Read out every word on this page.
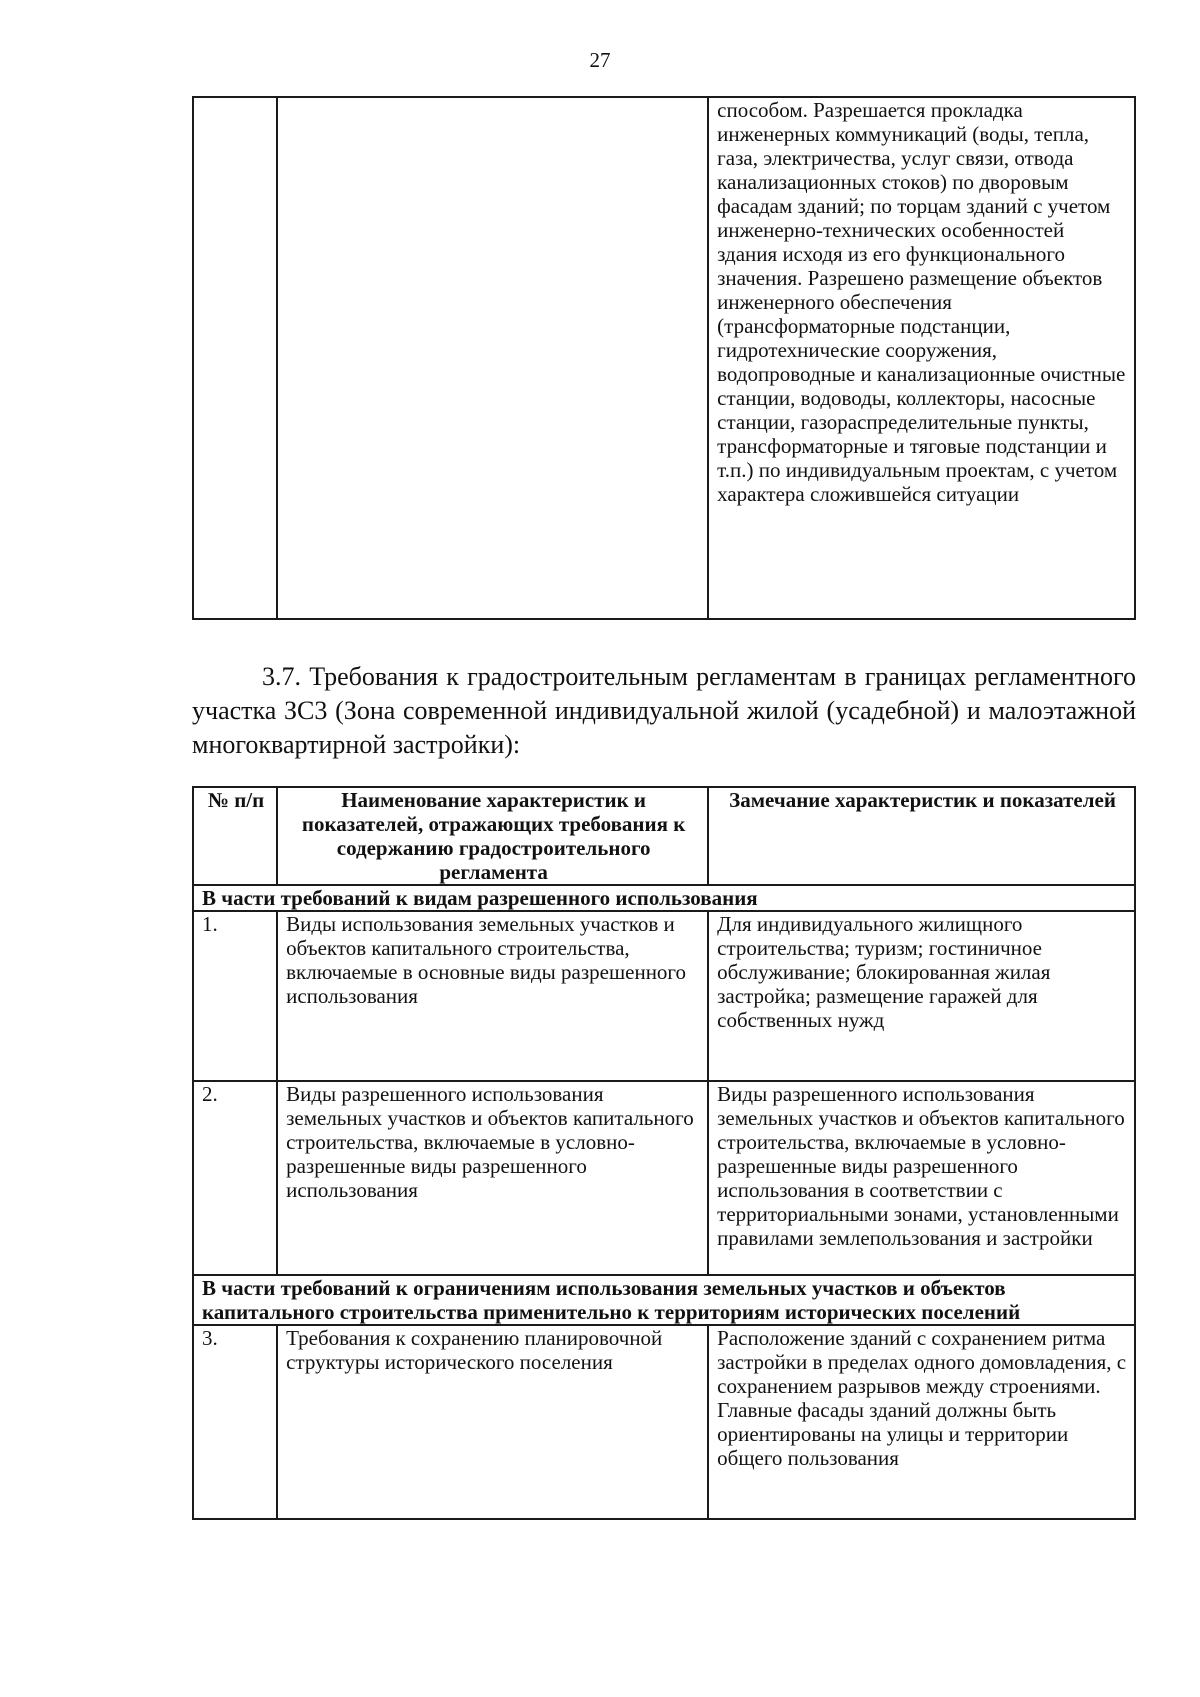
27
		способом. Разрешается прокладка инженерных коммуникаций (воды, тепла, газа, электричества, услуг связи, отвода канализационных стоков) по дворовым фасадам зданий; по торцам зданий с учетом инженерно-технических особенностей здания исходя из его функционального значения. Разрешено размещение объектов инженерного обеспечения (трансформаторные подстанции, гидротехнические сооружения, водопроводные и канализационные очистные станции, водоводы, коллекторы, насосные станции, газораспределительные пункты, трансформаторные и тяговые подстанции и т.п.) по индивидуальным проектам, с учетом характера сложившейся ситуации
3.7. Требования к градостроительным регламентам в границах регламентного участка ЗС3 (Зона современной индивидуальной жилой (усадебной) и малоэтажной многоквартирной застройки):
№ п/п	Наименование характеристик и показателей, отражающих требования к содержанию градостроительного регламента	Замечание характеристик и показателей
В части требований к видам разрешенного использования		
1.	Виды использования земельных участков и объектов капитального строительства, включаемые в основные виды разрешенного использования	Для индивидуального жилищного строительства; туризм; гостиничное обслуживание; блокированная жилая застройка; размещение гаражей для собственных нужд
2.	Виды разрешенного использования земельных участков и объектов капитального строительства, включаемые в условно-разрешенные виды разрешенного использования	Виды разрешенного использования земельных участков и объектов капитального строительства, включаемые в условно-разрешенные виды разрешенного использования в соответствии с территориальными зонами, установленными правилами землепользования и застройки
В части требований к ограничениям использования земельных участков и объектов капитального строительства применительно к территориям исторических поселений		
3.	Требования к сохранению планировочной структуры исторического поселения	Расположение зданий с сохранением ритма застройки в пределах одного домовладения, с сохранением разрывов между строениями. Главные фасады зданий должны быть ориентированы на улицы и территории общего пользования
